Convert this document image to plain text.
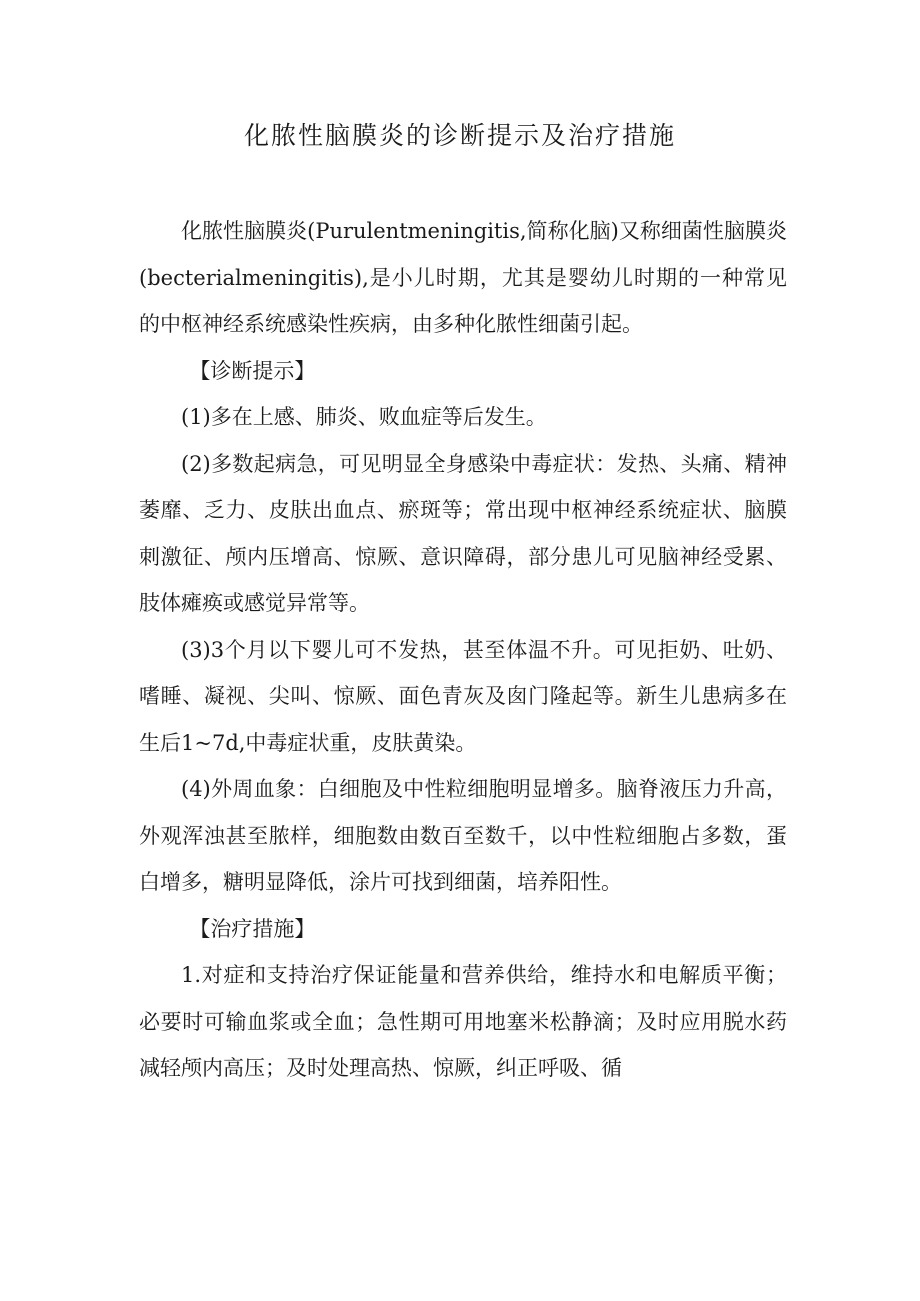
化脓性脑膜炎的诊断提示及治疗措施

化脓性脑膜炎(Purulentmeningitis,简称化脑)又称细菌性脑膜炎(becterialmeningitis),是小儿时期，尤其是婴幼儿时期的一种常见的中枢神经系统感染性疾病，由多种化脓性细菌引起。

【诊断提示】

(1)多在上感、肺炎、败血症等后发生。

(2)多数起病急，可见明显全身感染中毒症状：发热、头痛、精神萎靡、乏力、皮肤出血点、瘀斑等；常出现中枢神经系统症状、脑膜刺激征、颅内压增高、惊厥、意识障碍，部分患儿可见脑神经受累、肢体瘫痪或感觉异常等。

(3)3个月以下婴儿可不发热，甚至体温不升。可见拒奶、吐奶、嗜睡、凝视、尖叫、惊厥、面色青灰及囱门隆起等。新生儿患病多在生后1~7d,中毒症状重，皮肤黄染。

(4)外周血象：白细胞及中性粒细胞明显增多。脑脊液压力升高，外观浑浊甚至脓样，细胞数由数百至数千，以中性粒细胞占多数，蛋白增多，糖明显降低，涂片可找到细菌，培养阳性。

【治疗措施】

1.对症和支持治疗保证能量和营养供给，维持水和电解质平衡；必要时可输血浆或全血；急性期可用地塞米松静滴；及时应用脱水药减轻颅内高压；及时处理高热、惊厥，纠正呼吸、循
